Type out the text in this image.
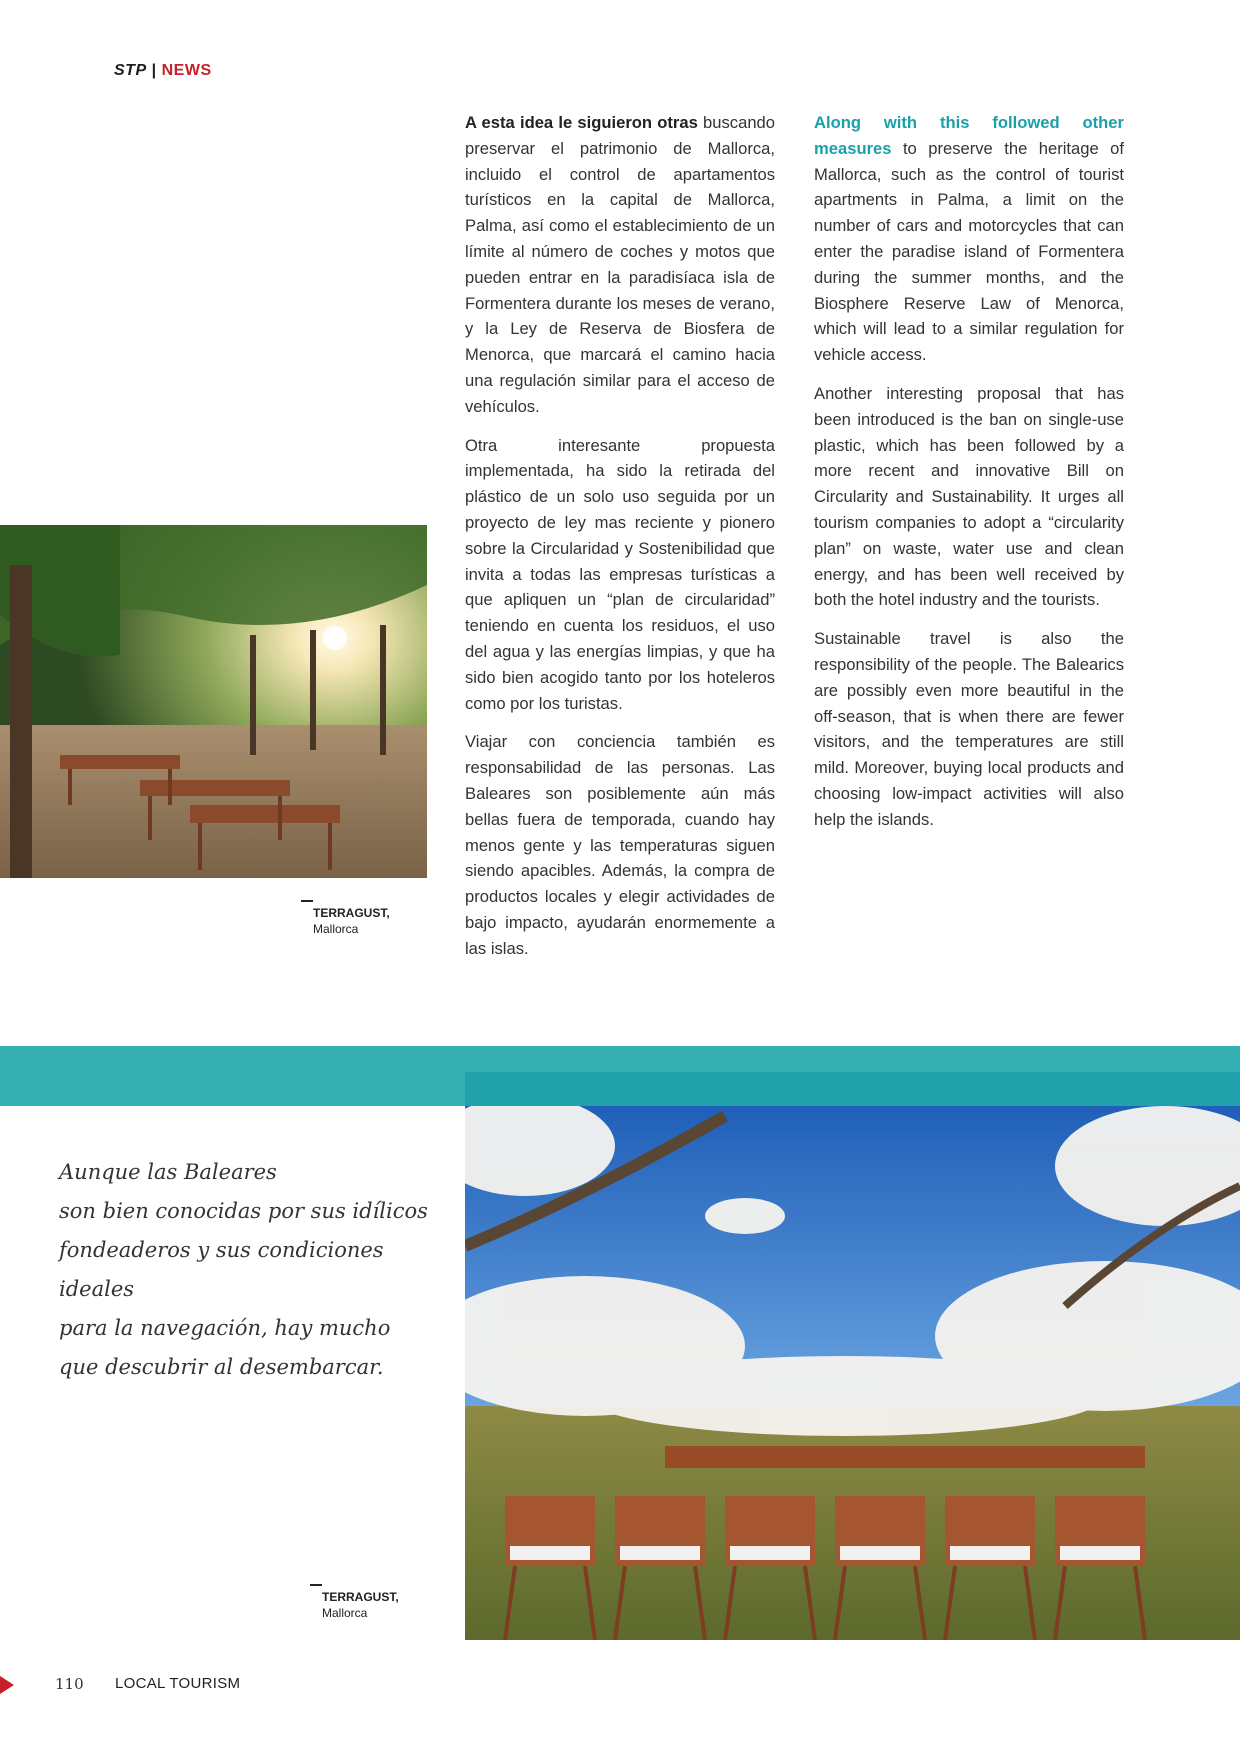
STP | NEWS

A esta idea le siguieron otras buscando preservar el patrimonio de Mallorca, incluido el control de apartamentos turísticos en la capital de Mallorca, Palma, así como el establecimiento de un límite al número de coches y motos que pueden entrar en la paradisíaca isla de Formentera durante los meses de verano, y la Ley de Reserva de Biosfera de Menorca, que marcará el camino hacia una regulación similar para el acceso de vehículos.

Otra interesante propuesta implementada, ha sido la retirada del plástico de un solo uso seguida por un proyecto de ley mas reciente y pionero sobre la Circularidad y Sostenibilidad que invita a todas las empresas turísticas a que apliquen un “plan de circularidad” teniendo en cuenta los residuos, el uso del agua y las energías limpias, y que ha sido bien acogido tanto por los hoteleros como por los turistas.

Viajar con conciencia también es responsabilidad de las personas. Las Baleares son posiblemente aún más bellas fuera de temporada, cuando hay menos gente y las temperaturas siguen siendo apacibles. Además, la compra de productos locales y elegir actividades de bajo impacto, ayudarán enormemente a las islas.

Along with this followed other measures to preserve the heritage of Mallorca, such as the control of tourist apartments in Palma, a limit on the number of cars and motorcycles that can enter the paradise island of Formentera during the summer months, and the Biosphere Reserve Law of Menorca, which will lead to a similar regulation for vehicle access.

Another interesting proposal that has been introduced is the ban on single-use plastic, which has been followed by a more recent and innovative Bill on Circularity and Sustainability. It urges all tourism companies to adopt a “circularity plan” on waste, water use and clean energy, and has been well received by both the hotel industry and the tourists.

Sustainable travel is also the responsibility of the people. The Balearics are possibly even more beautiful in the off-season, that is when there are fewer visitors, and the temperatures are still mild. Moreover, buying local products and choosing low-impact activities will also help the islands.

TERRAGUST,
Mallorca
Aunque las Baleares
son bien conocidas por sus idílicos
fondeaderos y sus condiciones ideales
para la navegación, hay mucho
que descubrir al desembarcar.
TERRAGUST,
Mallorca
110 LOCAL TOURISM
